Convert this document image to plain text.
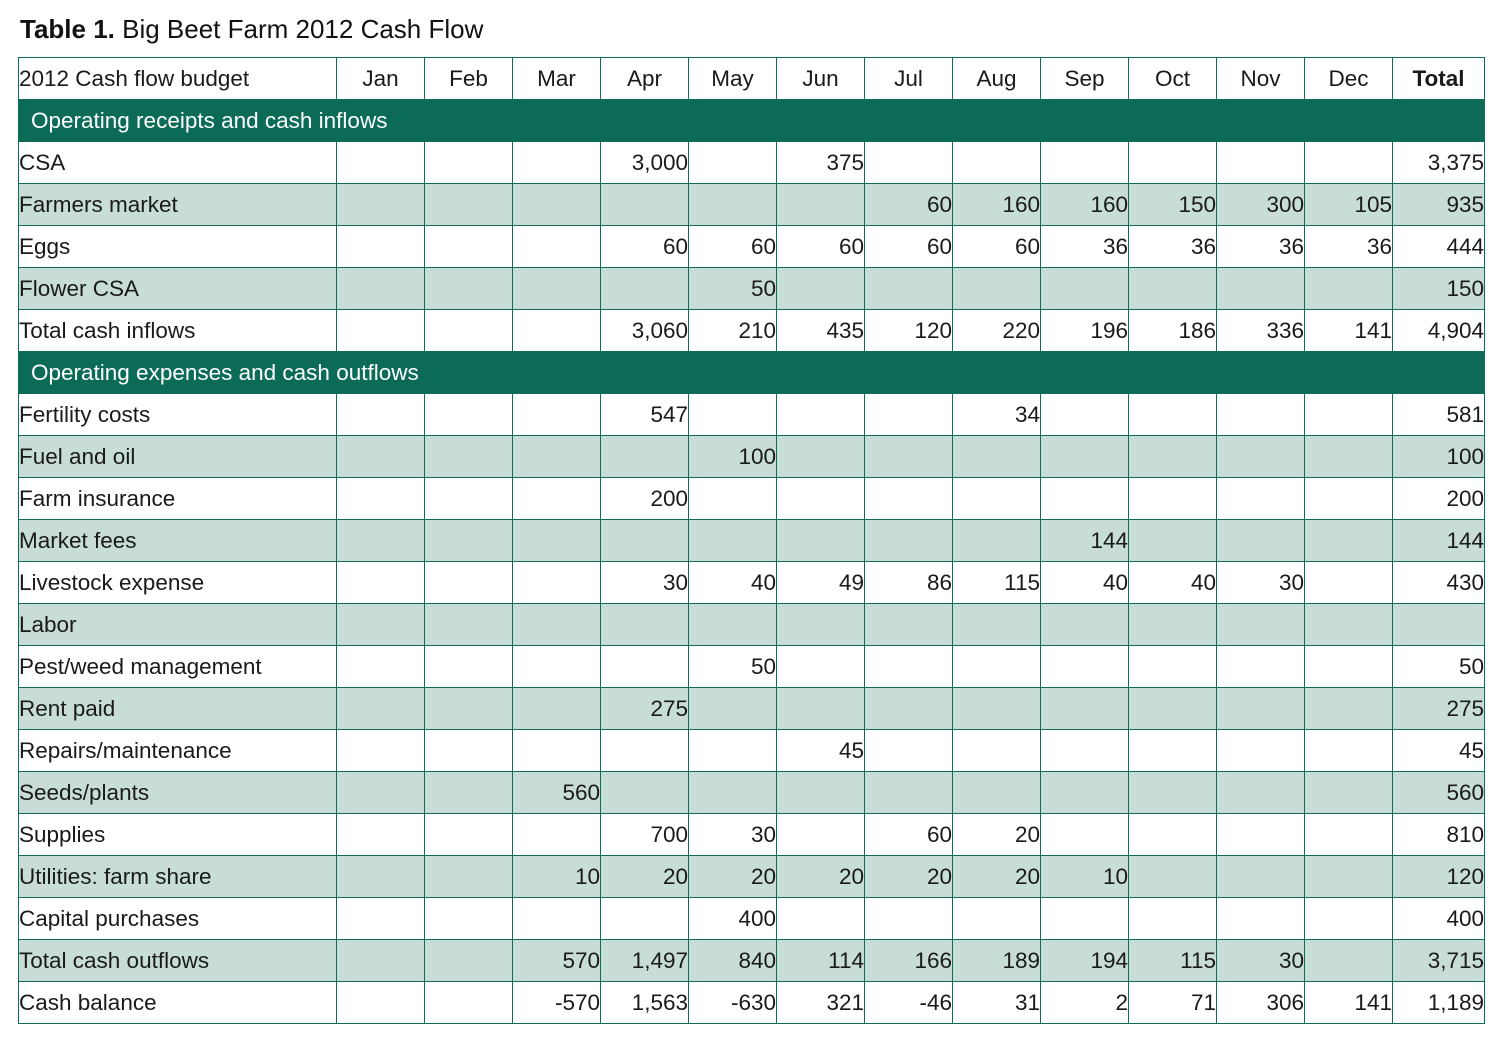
Table 1. Big Beet Farm 2012 Cash Flow
2012 Cash flow budget	Jan	Feb	Mar	Apr	May	Jun	Jul	Aug	Sep	Oct	Nov	Dec	Total
Operating receipts and cash inflows													
CSA				3,000		375							3,375
Farmers market							60	160	160	150	300	105	935
Eggs				60	60	60	60	60	36	36	36	36	444
Flower CSA					50								150
Total cash inflows				3,060	210	435	120	220	196	186	336	141	4,904
Operating expenses and cash outflows													
Fertility costs				547				34					581
Fuel and oil					100								100
Farm insurance				200									200
Market fees									144				144
Livestock expense				30	40	49	86	115	40	40	30		430
Labor													
Pest/weed management					50								50
Rent paid				275									275
Repairs/maintenance						45							45
Seeds/plants			560										560
Supplies				700	30		60	20					810
Utilities: farm share			10	20	20	20	20	20	10				120
Capital purchases					400								400
Total cash outflows			570	1,497	840	114	166	189	194	115	30		3,715
Cash balance			-570	1,563	-630	321	-46	31	2	71	306	141	1,189
